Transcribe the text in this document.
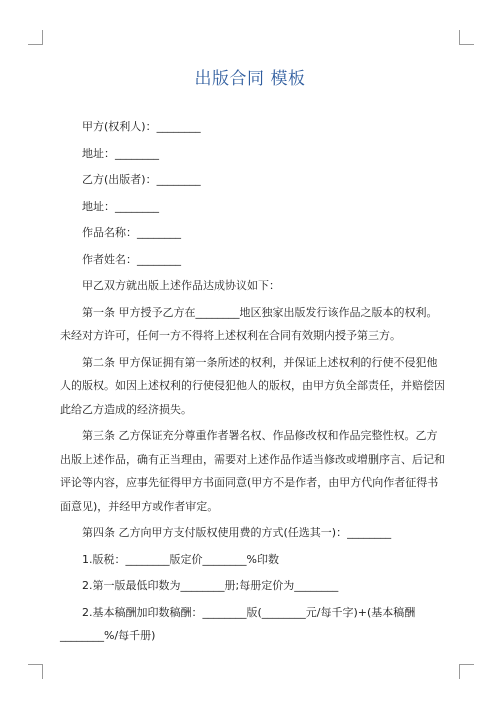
出版合同 模板

甲方(权利人)：________

地址：________

乙方(出版者)：________

地址：________

作品名称：________

作者姓名：________

甲乙双方就出版上述作品达成协议如下：

第一条 甲方授予乙方在________地区独家出版发行该作品之版本的权利。未经对方许可，任何一方不得将上述权利在合同有效期内授予第三方。

第二条 甲方保证拥有第一条所述的权利，并保证上述权利的行使不侵犯他人的版权。如因上述权利的行使侵犯他人的版权，由甲方负全部责任，并赔偿因此给乙方造成的经济损失。

第三条 乙方保证充分尊重作者署名权、作品修改权和作品完整性权。乙方出版上述作品，确有正当理由，需要对上述作品作适当修改或增删序言、后记和评论等内容，应事先征得甲方书面同意(甲方不是作者，由甲方代向作者征得书面意见)，并经甲方或作者审定。

第四条 乙方向甲方支付版权使用费的方式(任选其一)：________

1.版税：________版定价________%印数

2.第一版最低印数为________册;每册定价为________

2.基本稿酬加印数稿酬：________版(________元/每千字)+(基本稿酬________%/每千册)
